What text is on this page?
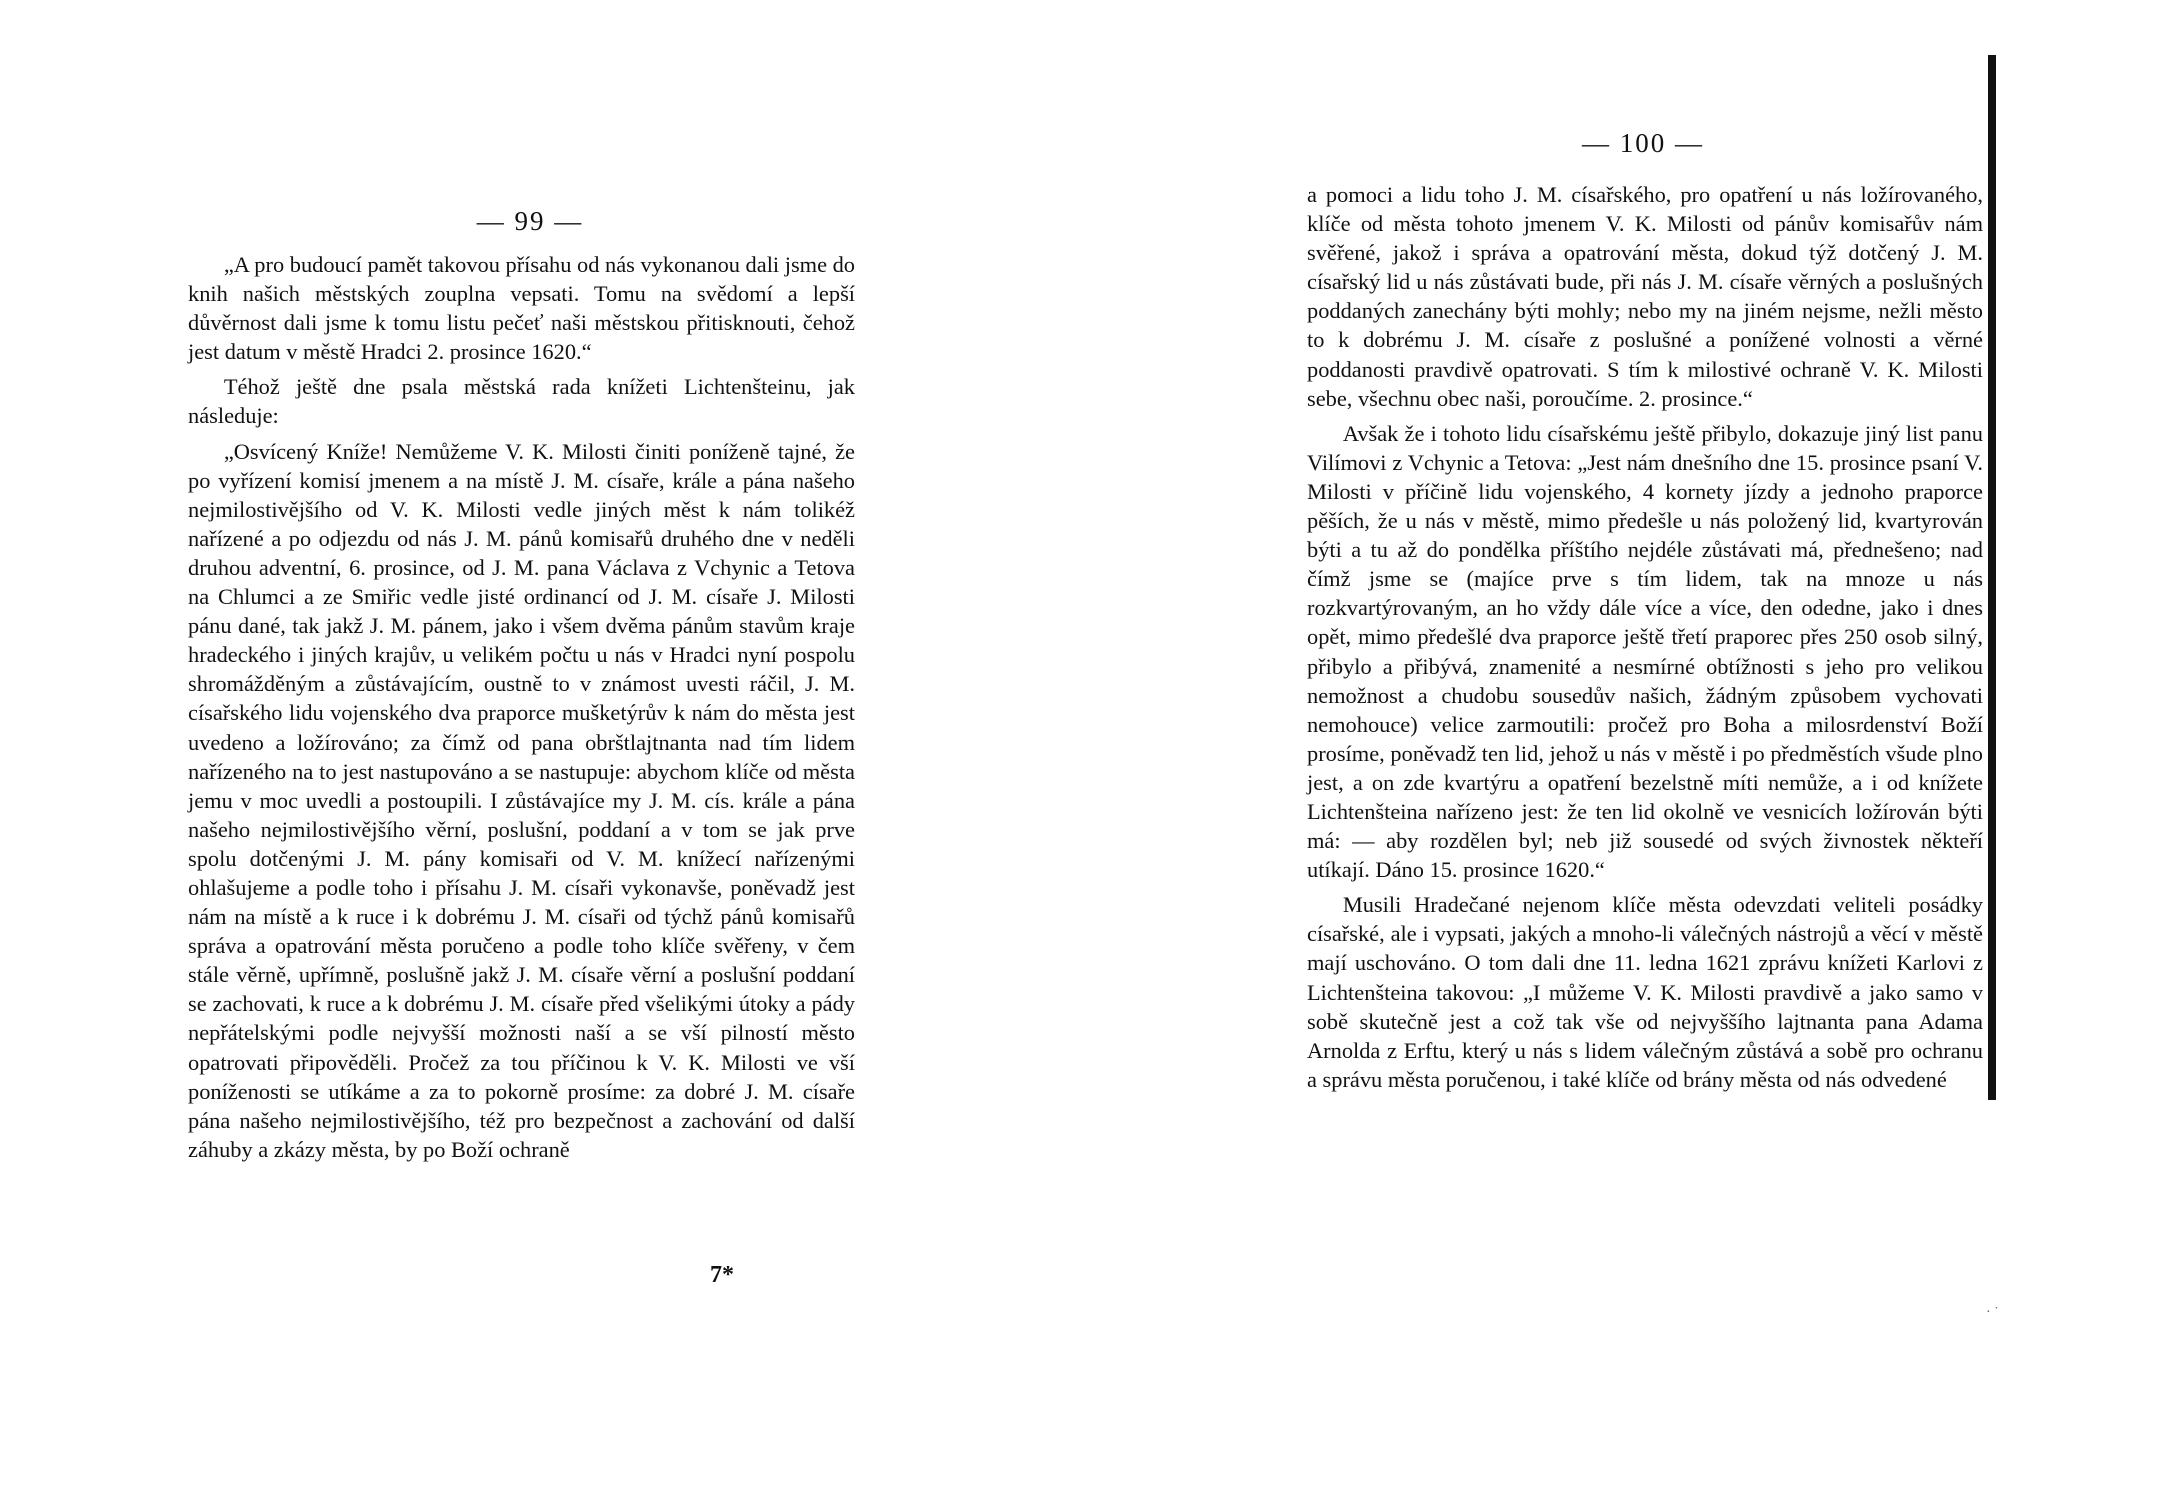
— 99 —

„A pro budoucí pamět takovou přísahu od nás vykonanou dali jsme do knih našich městských zouplna vepsati. Tomu na svědomí a lepší důvěrnost dali jsme k tomu listu pečeť naši městskou přitisknouti, čehož jest datum v městě Hradci 2. prosince 1620.“

Téhož ještě dne psala městská rada knížeti Lichtenšteinu, jak následuje:

„Osvícený Kníže! Nemůžeme V. K. Milosti činiti poníženě tajné, že po vyřízení komisí jmenem a na místě J. M. císaře, krále a pána našeho nejmilostivějšího od V. K. Milosti vedle jiných měst k nám tolikéž nařízené a po odjezdu od nás J. M. pánů komisařů druhého dne v neděli druhou adventní, 6. prosince, od J. M. pana Václava z Vchynic a Tetova na Chlumci a ze Smiřic vedle jisté ordinancí od J. M. císaře J. Milosti pánu dané, tak jakž J. M. pánem, jako i všem dvěma pánům stavům kraje hradeckého i jiných krajův, u velikém počtu u nás v Hradci nyní pospolu shromážděným a zůstávajícím, oustně to v známost uvesti ráčil, J. M. císařského lidu vojenského dva praporce mušketýrův k nám do města jest uvedeno a ložírováno; za čímž od pana obrštlajtnanta nad tím lidem nařízeného na to jest nastupováno a se nastupuje: abychom klíče od města jemu v moc uvedli a postoupili. I zůstávajíce my J. M. cís. krále a pána našeho nejmilostivějšího věrní, poslušní, poddaní a v tom se jak prve spolu dotčenými J. M. pány komisaři od V. M. knížecí nařízenými ohlašujeme a podle toho i přísahu J. M. císaři vykonavše, poněvadž jest nám na místě a k ruce i k dobrému J. M. císaři od týchž pánů komisařů správa a opatrování města poručeno a podle toho klíče svěřeny, v čem stále věrně, upřímně, poslušně jakž J. M. císaře věrní a poslušní poddaní se zachovati, k ruce a k dobrému J. M. císaře před všelikými útoky a pády nepřátelskými podle nejvyšší možnosti naší a se vší pilností město opatrovati připověděli. Pročež za tou příčinou k V. K. Milosti ve vší poníženosti se utíkáme a za to pokorně prosíme: za dobré J. M. císaře pána našeho nejmilostivějšího, též pro bezpečnost a zachování od další záhuby a zkázy města, by po Boží ochraně

7*
— 100 —

a pomoci a lidu toho J. M. císařského, pro opatření u nás ložírovaného, klíče od města tohoto jmenem V. K. Milosti od pánův komisařův nám svěřené, jakož i správa a opatrování města, dokud týž dotčený J. M. císařský lid u nás zůstávati bude, při nás J. M. císaře věrných a poslušných poddaných zanechány býti mohly; nebo my na jiném nejsme, nežli město to k dobrému J. M. císaře z poslušné a ponížené volnosti a věrné poddanosti pravdivě opatrovati. S tím k milostivé ochraně V. K. Milosti sebe, všechnu obec naši, poroučíme. 2. prosince.“

Avšak že i tohoto lidu císařskému ještě přibylo, dokazuje jiný list panu Vilímovi z Vchynic a Tetova: „Jest nám dnešního dne 15. prosince psaní V. Milosti v příčině lidu vojenského, 4 kornety jízdy a jednoho praporce pěších, že u nás v městě, mimo předešle u nás položený lid, kvartyrován býti a tu až do pondělka příštího nejdéle zůstávati má, přednešeno; nad čímž jsme se (majíce prve s tím lidem, tak na mnoze u nás rozkvartýrovaným, an ho vždy dále více a více, den odedne, jako i dnes opět, mimo předešlé dva praporce ještě třetí praporec přes 250 osob silný, přibylo a přibývá, znamenité a nesmírné obtížnosti s jeho pro velikou nemožnost a chudobu sousedův našich, žádným způsobem vychovati nemohouce) velice zarmoutili: pročež pro Boha a milosrdenství Boží prosíme, poněvadž ten lid, jehož u nás v městě i po předměstích všude plno jest, a on zde kvartýru a opatření bezelstně míti nemůže, a i od knížete Lichtenšteina nařízeno jest: že ten lid okolně ve vesnicích ložírován býti má: — aby rozdělen byl; neb již sousedé od svých živnostek někteří utíkají. Dáno 15. prosince 1620.“

Musili Hradečané nejenom klíče města odevzdati veliteli posádky císařské, ale i vypsati, jakých a mnoho-li válečných nástrojů a věcí v městě mají uschováno. O tom dali dne 11. ledna 1621 zprávu knížeti Karlovi z Lichtenšteina takovou: „I můžeme V. K. Milosti pravdivě a jako samo v sobě skutečně jest a což tak vše od nejvyššího lajtnanta pana Adama Arnolda z Erftu, který u nás s lidem válečným zůstává a sobě pro ochranu a správu města poručenou, i také klíče od brány města od nás odvedené

· ˙
